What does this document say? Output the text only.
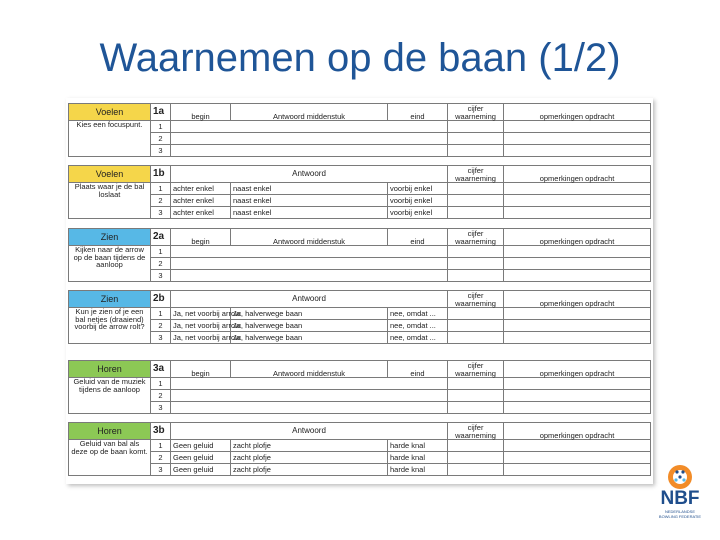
Waarnemen op de baan (1/2)
Voelen	1a	begin	Antwoord middenstuk	eind	cijfer waarneming	opmerkingen opdracht
Kies een focuspunt.	1					
	2					
	3					
Voelen	1b	Antwoord			cijfer waarneming	opmerkingen opdracht
Plaats waar je de bal loslaat	1	achter enkel	naast enkel	voorbij enkel		
	2	achter enkel	naast enkel	voorbij enkel		
	3	achter enkel	naast enkel	voorbij enkel		
Zien	2a	begin	Antwoord middenstuk	eind	cijfer waarneming	opmerkingen opdracht
Kijken naar de arrow op de baan tijdens de aanloop	1					
	2					
	3					
Zien	2b	Antwoord			cijfer waarneming	opmerkingen opdracht
Kun je zien of je een bal netjes (draaiend) voorbij de arrow rolt?	1	Ja, net voorbij arrow	Ja, halverwege baan	nee, omdat ...		
	2	Ja, net voorbij arrow	Ja, halverwege baan	nee, omdat ...		
	3	Ja, net voorbij arrow	Ja, halverwege baan	nee, omdat ...		
Horen	3a	begin	Antwoord middenstuk	eind	cijfer waarneming	opmerkingen opdracht
Geluid van de muziek tijdens de aanloop	1					
	2					
	3					
Horen	3b	Antwoord			cijfer waarneming	opmerkingen opdracht
Geluid van bal als deze op de baan komt.	1	Geen geluid	zacht plofje	harde knal		
	2	Geen geluid	zacht plofje	harde knal		
	3	Geen geluid	zacht plofje	harde knal		
NBF
NEDERLANDSE
BOWLING FEDERATIE
